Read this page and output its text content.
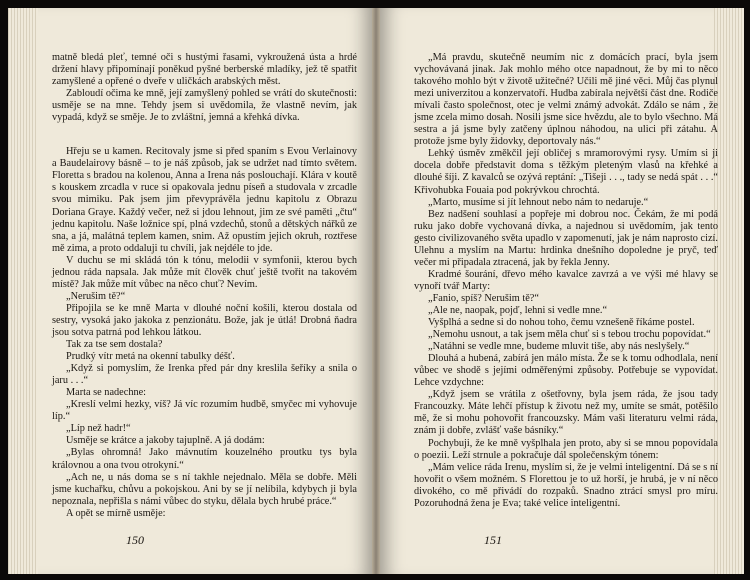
matně bledá pleť, temné oči s hustými řasami, vykroužená ústa a hrdé držení hlavy připomínají poněkud pyšné berberské mladíky, jež tě spatřit zamyšlené a opřené o dveře v uličkách arabských měst.

Zabloudí očima ke mně, její zamyšlený pohled se vrátí do skutečnosti: usměje se na mne. Tehdy jsem si uvědomila, že vlastně nevím, jak vypadá, když se směje. Je to zvláštní, jemná a křehká dívka.

Hřeju se u kamen. Recitovaly jsme si před spaním s Evou Verlainovy a Baudelairovy básně – to je náš způsob, jak se udržet nad tímto světem. Floretta s bradou na kolenou, Anna a Irena nás poslouchají. Klára v koutě s kouskem zrcadla v ruce si opakovala jednu píseň a studovala v zrcadle svou mimiku. Pak jsem jim převyprávěla jednu kapitolu z Obrazu Doriana Graye. Každý večer, než si jdou lehnout, jim ze své paměti „čtu“ jednu kapitolu. Naše ložnice spí, plná vzdechů, stonů a dětských nářků ze sna, a já, malátná teplem kamen, snim. Až opustím jejich okruh, roztřese mě zima, a proto oddaluji tu chvíli, jak nejdéle to jde.

V duchu se mi skládá tón k tónu, melodii v symfonii, kterou bych jednou ráda napsala. Jak může mít člověk chuť ještě tvořit na takovém místě? Jak může mít vůbec na něco chuť? Nevím.

„Nerušim tě?“

Připojila se ke mně Marta v dlouhé noční košili, kterou dostala od sestry, vysoká jako jakoka z penzionátu. Bože, jak je útlá! Drobná ňadra jsou sotva patrná pod lehkou látkou.

Tak za tse sem dostala?

Prudký vítr metá na okenní tabulky déšť.

„Když si pomyslím, že Irenka před pár dny kreslila šeříky a snila o jaru . . .“

Marta se nadechne:

„Kreslí velmi hezky, víš? Já víc rozumím hudbě, smyčec mi vyhovuje líp.“

„Líp než hadr!“

Usměje se krátce a jakoby tajuplně. A já dodám:

„Bylas ohromná! Jako mávnutím kouzelného proutku tys byla královnou a ona tvou otrokyní.“

„Ach ne, u nás doma se s ní takhle nejednalo. Měla se dobře. Měli jsme kuchařku, chůvu a pokojskou. Ani by se jí nelíbila, kdybych ji byla nepoznala, nepřišla s námi vůbec do styku, dělala bych hrubé práce.“

A opět se mírně usměje:

150

„Má pravdu, skutečně neumím nic z domácích prací, byla jsem vychovávaná jinak. Jak mohlo mého otce napadnout, že by mi to něco takového mohlo být v životě užitečné? Učili mě jiné věci. Můj čas plynul mezi univerzitou a konzervatoří. Hudba zabírala největší část dne. Rodiče mívali často společnost, otec je velmi známý advokát. Zdálo se nám , že jsme zcela mimo dosah. Nosili jsme sice hvězdu, ale to bylo všechno. Má sestra a já jsme byly zatčeny úplnou náhodou, na ulici při zátahu. A protože jsme byly židovky, deportovaly nás.“

Lehký úsměv změkčil její obličej s mramorovými rysy. Umím si ji docela dobře představit doma s těžkým pleteným vlasů na křehké a dlouhé šíji. Z kavalců se ozývá reptání: „Tišeji . . ., tady se nedá spát . . .“ Křivohubka Fouaia pod pokrývkou chrochtá.

„Marto, musíme si jít lehnout nebo nám to nedaruje.“

Bez nadšení souhlasí a popřeje mi dobrou noc. Čekám, že mi podá ruku jako dobře vychovaná dívka, a najednou si uvědomím, jak tento gesto civilizovaného světa upadlo v zapomenutí, jak je nám naprosto cizí. Ulehnu a myslím na Martu: hrdinka dnešního dopoledne je pryč, teď večer mi připadala ztracená, jak by řekla Jenny.

Kradmé šourání, dřevo mého kavalce zavrzá a ve výši mé hlavy se vynoří tvář Marty:

„Fanio, spíš? Nerušim tě?“

„Ale ne, naopak, pojď, lehni si vedle mne.“

Vyšplhá a sedne si do nohou toho, čemu vznešeně říkáme postel.

„Nemohu usnout, a tak jsem měla chuť si s tebou trochu popovídat.“

„Natáhni se vedle mne, budeme mluvit tiše, aby nás neslyšely.“

Dlouhá a hubená, zabírá jen málo místa. Že se k tomu odhodlala, není vůbec ve shodě s jejími odměřenými způsoby. Potřebuje se vypovídat. Lehce vzdychne:

„Když jsem se vrátila z ošetřovny, byla jsem ráda, že jsou tady Francouzky. Máte lehčí přístup k životu než my, umíte se smát, potěšilo mě, že si mohu pohovořit francouzsky. Mám vaši literaturu velmi ráda, znám ji dobře, zvlášť vaše básníky.“

Pochybuji, že ke mně vyšplhala jen proto, aby si se mnou popovídala o poezii. Leží strnule a pokračuje dál společenským tónem:

„Mám velice ráda Irenu, myslím si, že je velmi inteligentní. Dá se s ní hovořit o všem možném. S Florettou je to už horší, je hrubá, je v ní něco divokého, co mě přivádí do rozpaků. Snadno ztrácí smysl pro míru. Pozoruhodná žena je Eva; také velice inteligentní.

151
